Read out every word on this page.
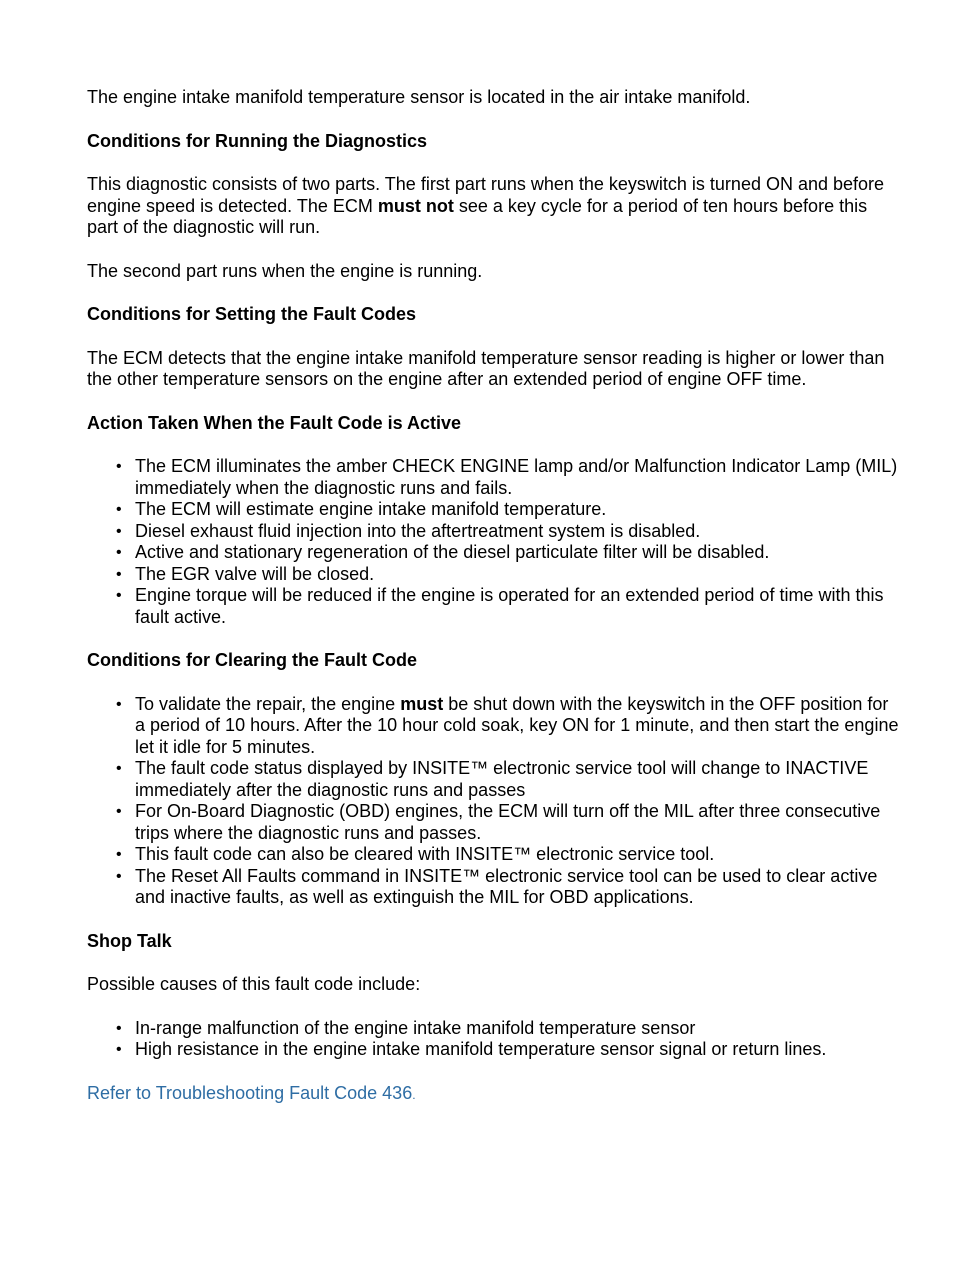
The engine intake manifold temperature sensor is located in the air intake manifold.

Conditions for Running the Diagnostics

This diagnostic consists of two parts. The first part runs when the keyswitch is turned ON and before engine speed is detected. The ECM must not see a key cycle for a period of ten hours before this part of the diagnostic will run.

The second part runs when the engine is running.

Conditions for Setting the Fault Codes

The ECM detects that the engine intake manifold temperature sensor reading is higher or lower than the other temperature sensors on the engine after an extended period of engine OFF time.

Action Taken When the Fault Code is Active

• The ECM illuminates the amber CHECK ENGINE lamp and/or Malfunction Indicator Lamp (MIL) immediately when the diagnostic runs and fails.
• The ECM will estimate engine intake manifold temperature.
• Diesel exhaust fluid injection into the aftertreatment system is disabled.
• Active and stationary regeneration of the diesel particulate filter will be disabled.
• The EGR valve will be closed.
• Engine torque will be reduced if the engine is operated for an extended period of time with this fault active.

Conditions for Clearing the Fault Code

• To validate the repair, the engine must be shut down with the keyswitch in the OFF position for a period of 10 hours. After the 10 hour cold soak, key ON for 1 minute, and then start the engine let it idle for 5 minutes.
• The fault code status displayed by INSITE™ electronic service tool will change to INACTIVE immediately after the diagnostic runs and passes
• For On-Board Diagnostic (OBD) engines, the ECM will turn off the MIL after three consecutive trips where the diagnostic runs and passes.
• This fault code can also be cleared with INSITE™ electronic service tool.
• The Reset All Faults command in INSITE™ electronic service tool can be used to clear active and inactive faults, as well as extinguish the MIL for OBD applications.

Shop Talk

Possible causes of this fault code include:

• In-range malfunction of the engine intake manifold temperature sensor
• High resistance in the engine intake manifold temperature sensor signal or return lines.

Refer to Troubleshooting Fault Code 436.
